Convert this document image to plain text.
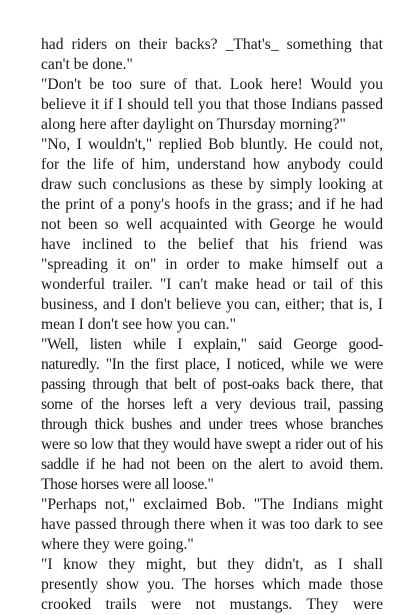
had riders on their backs? _That's_ something that can't be done."

"Don't be too sure of that. Look here! Would you believe it if I should tell you that those Indians passed along here after daylight on Thursday morning?"

"No, I wouldn't," replied Bob bluntly. He could not, for the life of him, understand how anybody could draw such conclusions as these by simply looking at the print of a pony's hoofs in the grass; and if he had not been so well acquainted with George he would have inclined to the belief that his friend was "spreading it on" in order to make himself out a wonderful trailer. "I can't make head or tail of this business, and I don't believe you can, either; that is, I mean I don't see how you can."

"Well, listen while I explain," said George good-naturedly. "In the first place, I noticed, while we were passing through that belt of post-oaks back there, that some of the horses left a very devious trail, passing through thick bushes and under trees whose branches were so low that they would have swept a rider out of his saddle if he had not been on the alert to avoid them. Those horses were all loose."

"Perhaps not," exclaimed Bob. "The Indians might have passed through there when it was too dark to see where they were going."

"I know they might, but they didn't, as I shall presently show you. The horses which made those crooked trails were not mustangs. They were
